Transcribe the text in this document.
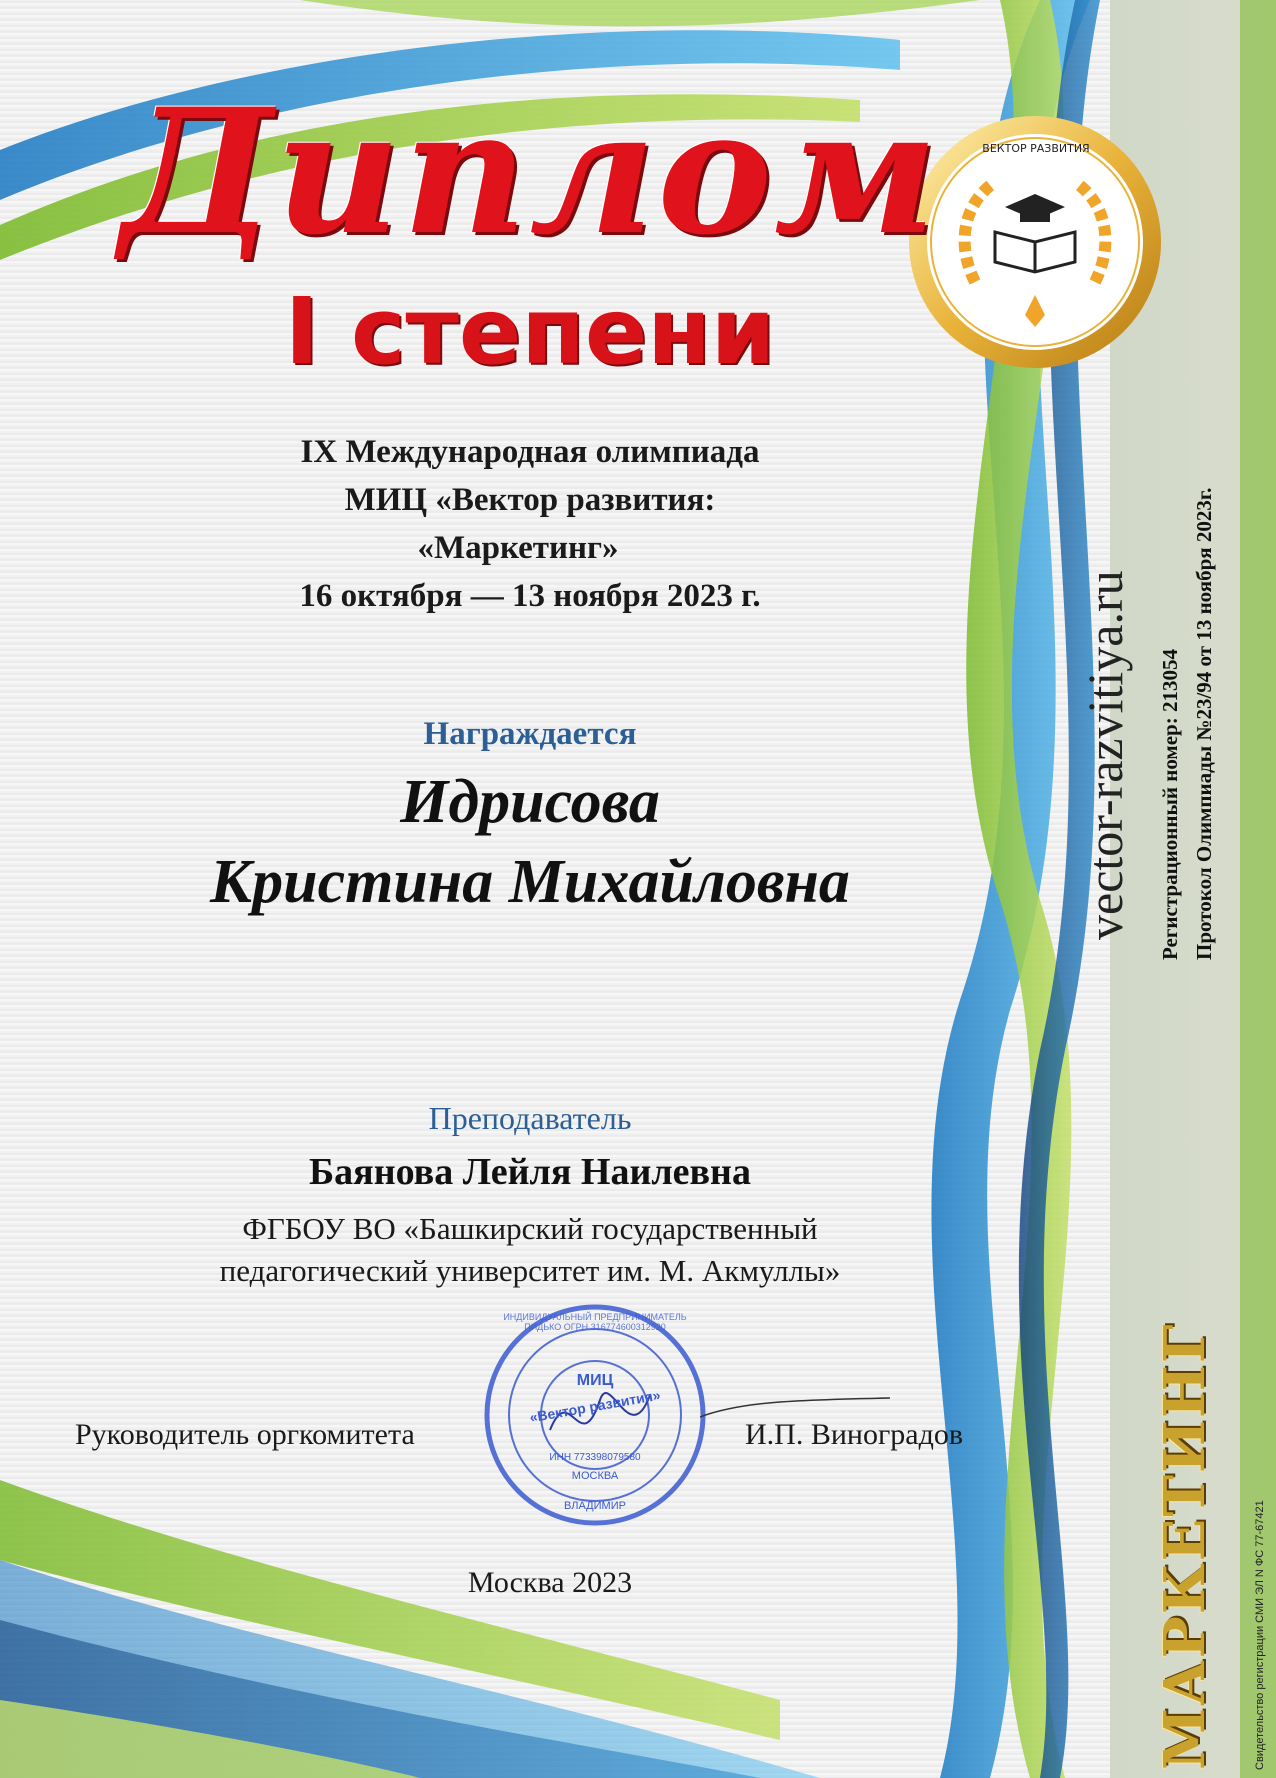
ВЕКТОР РАЗВИТИЯ
Диплом
I степени
IX Международная олимпиада
МИЦ «Вектор развития:
«Маркетинг»
16 октября — 13 ноября 2023 г.
Награждается
Идрисова
Кристина Михайловна
Преподаватель
Баянова Лейля Наилевна
ФГБОУ ВО «Башкирский государственный
педагогический университет им. М. Акмуллы»
МИЦ
«Вектор развития»
ИНН 773398079580
МОСКВА
ВЛАДИМИР
ИНДИВИДУАЛЬНЫЙ ПРЕДПРИНИМАТЕЛЬ ПИДЬКО ОГРН 316774600312920
Руководитель оргкомитета	И.П. Виноградов
Москва 2023
vector-razvitiya.ru Регистрационный номер: 213054 Протокол Олимпиады №23/94 от 13 ноября 2023г.
МАРКЕТИНГ	Свидетельство регистрации СМИ ЭЛ N ФС 77-67421
